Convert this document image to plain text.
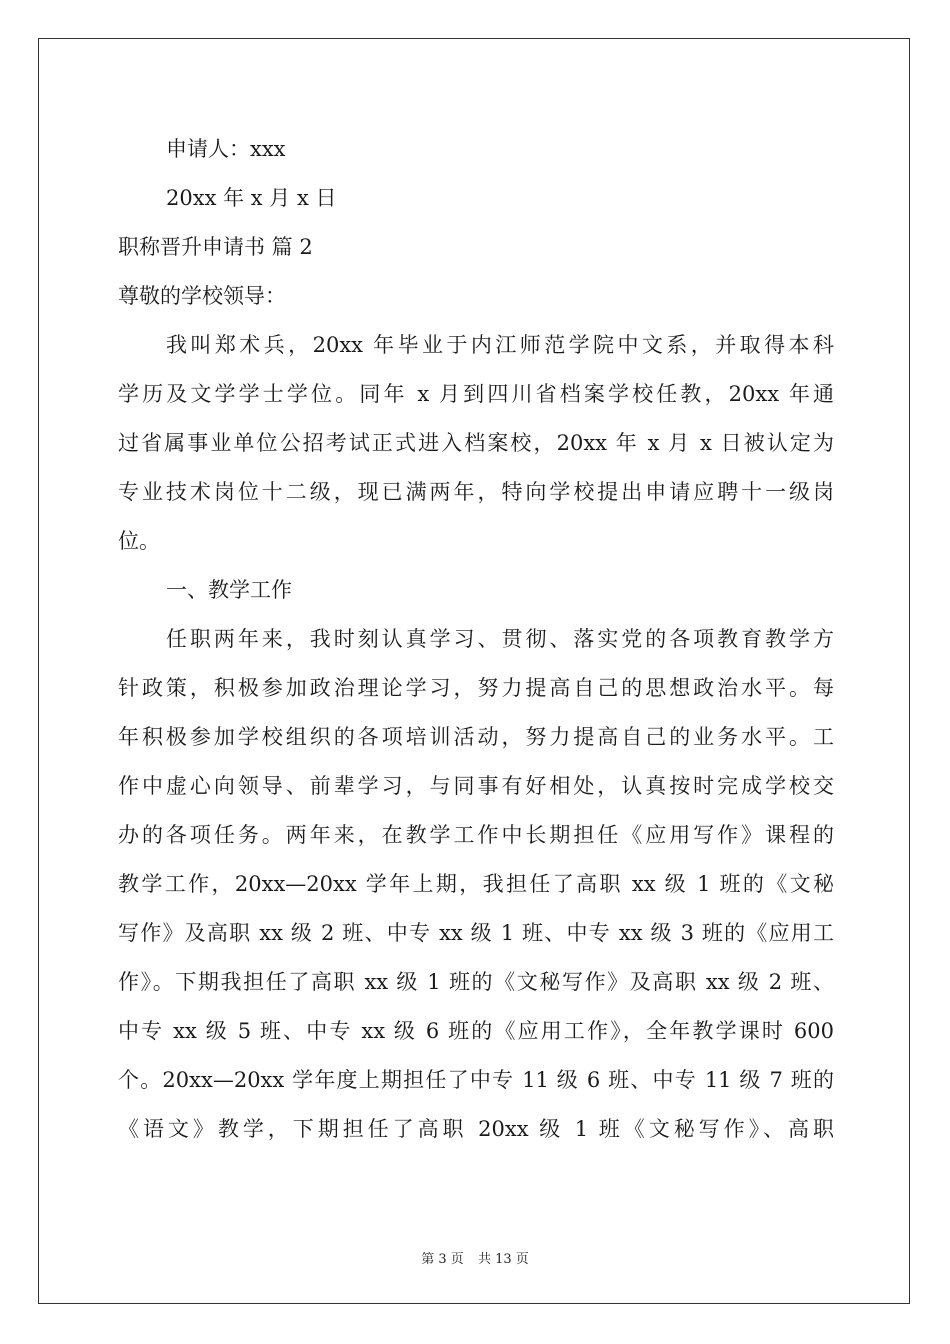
申请人：xxx
20xx 年 x 月 x 日
职称晋升申请书 篇 2
尊敬的学校领导：
我叫郑术兵，20xx 年毕业于内江师范学院中文系，并取得本科
学历及文学学士学位。同年 x 月到四川省档案学校任教，20xx 年通
过省属事业单位公招考试正式进入档案校，20xx 年 x 月 x 日被认定为
专业技术岗位十二级，现已满两年，特向学校提出申请应聘十一级岗
位。
一、教学工作
任职两年来，我时刻认真学习、贯彻、落实党的各项教育教学方
针政策，积极参加政治理论学习，努力提高自己的思想政治水平。每
年积极参加学校组织的各项培训活动，努力提高自己的业务水平。工
作中虚心向领导、前辈学习，与同事有好相处，认真按时完成学校交
办的各项任务。两年来，在教学工作中长期担任《应用写作》课程的
教学工作，20xx—20xx 学年上期，我担任了高职 xx 级 1 班的《文秘
写作》及高职 xx 级 2 班、中专 xx 级 1 班、中专 xx 级 3 班的《应用工
作》。下期我担任了高职 xx 级 1 班的《文秘写作》及高职 xx 级 2 班、
中专 xx 级 5 班、中专 xx 级 6 班的《应用工作》，全年教学课时 600
个。20xx—20xx 学年度上期担任了中专 11 级 6 班、中专 11 级 7 班的
《语文》教学，下期担任了高职 20xx 级 1 班《文秘写作》、高职
第 3 页 共 13 页
